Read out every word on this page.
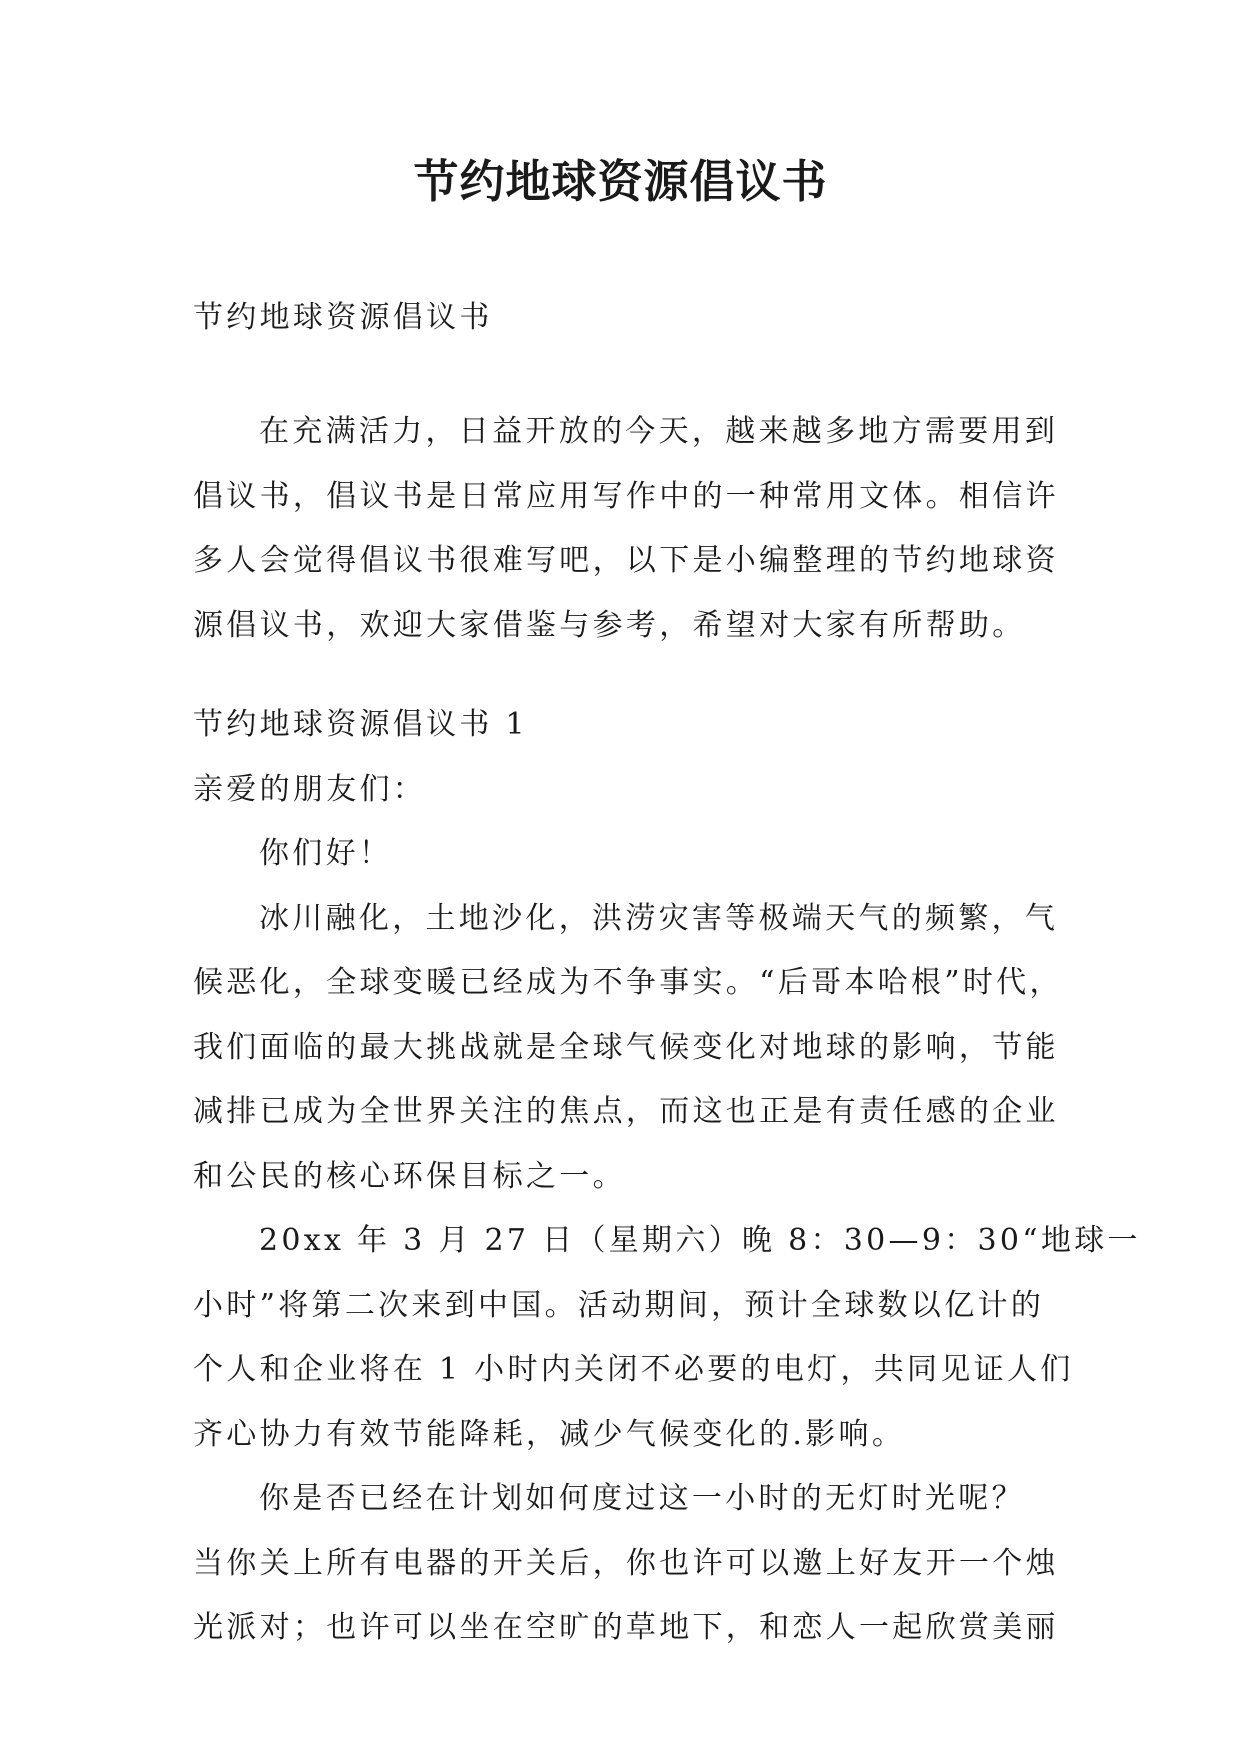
节约地球资源倡议书

节约地球资源倡议书

在充满活力，日益开放的今天，越来越多地方需要用到
倡议书，倡议书是日常应用写作中的一种常用文体。相信许
多人会觉得倡议书很难写吧，以下是小编整理的节约地球资
源倡议书，欢迎大家借鉴与参考，希望对大家有所帮助。

节约地球资源倡议书 1
亲爱的朋友们：
你们好！
冰川融化，土地沙化，洪涝灾害等极端天气的频繁，气
候恶化，全球变暖已经成为不争事实。“后哥本哈根”时代，
我们面临的最大挑战就是全球气候变化对地球的影响，节能
减排已成为全世界关注的焦点，而这也正是有责任感的企业
和公民的核心环保目标之一。
20xx 年 3 月 27 日（星期六）晚 8：30—9：30“地球一
小时”将第二次来到中国。活动期间，预计全球数以亿计的
个人和企业将在 1 小时内关闭不必要的电灯，共同见证人们
齐心协力有效节能降耗，减少气候变化的.影响。
你是否已经在计划如何度过这一小时的无灯时光呢？
当你关上所有电器的开关后，你也许可以邀上好友开一个烛
光派对；也许可以坐在空旷的草地下，和恋人一起欣赏美丽
